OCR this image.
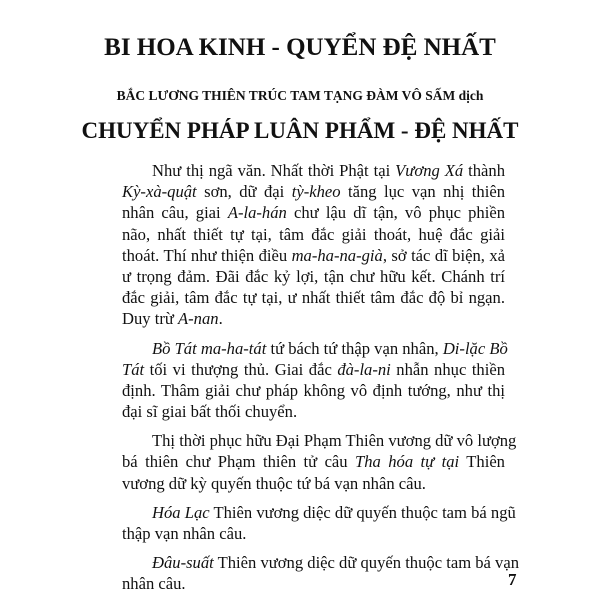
BI HOA KINH - QUYỂN ĐỆ NHẤT
BẮC LƯƠNG THIÊN TRÚC TAM TẠNG ĐÀM VÔ SẤM dịch
CHUYỂN PHÁP LUÂN PHẨM - ĐỆ NHẤT
Như thị ngã văn. Nhất thời Phật tại Vương Xá thành
Kỳ-xà-quật sơn, dữ đại tỳ-kheo tăng lục vạn nhị thiên
nhân câu, giai A-la-hán chư lậu dĩ tận, vô phục phiền
não, nhất thiết tự tại, tâm đắc giải thoát, huệ đắc giải
thoát. Thí như thiện điều ma-ha-na-già, sở tác dĩ biện, xả
ư trọng đảm. Đãi đắc kỷ lợi, tận chư hữu kết. Chánh trí
đắc giải, tâm đắc tự tại, ư nhất thiết tâm đắc độ bỉ ngạn.
Duy trừ A-nan.
Bồ Tát ma-ha-tát tứ bách tứ thập vạn nhân, Di-lặc Bồ
Tát tối vi thượng thủ. Giai đắc đà-la-ni nhẫn nhục thiền
định. Thâm giải chư pháp không vô định tướng, như thị
đại sĩ giai bất thối chuyển.
Thị thời phục hữu Đại Phạm Thiên vương dữ vô lượng
bá thiên chư Phạm thiên tử câu Tha hóa tự tại Thiên
vương dữ kỳ quyến thuộc tứ bá vạn nhân câu.
Hóa Lạc Thiên vương diệc dữ quyến thuộc tam bá ngũ
thập vạn nhân câu.
Đâu-suất Thiên vương diệc dữ quyến thuộc tam bá vạn
nhân câu.	7
